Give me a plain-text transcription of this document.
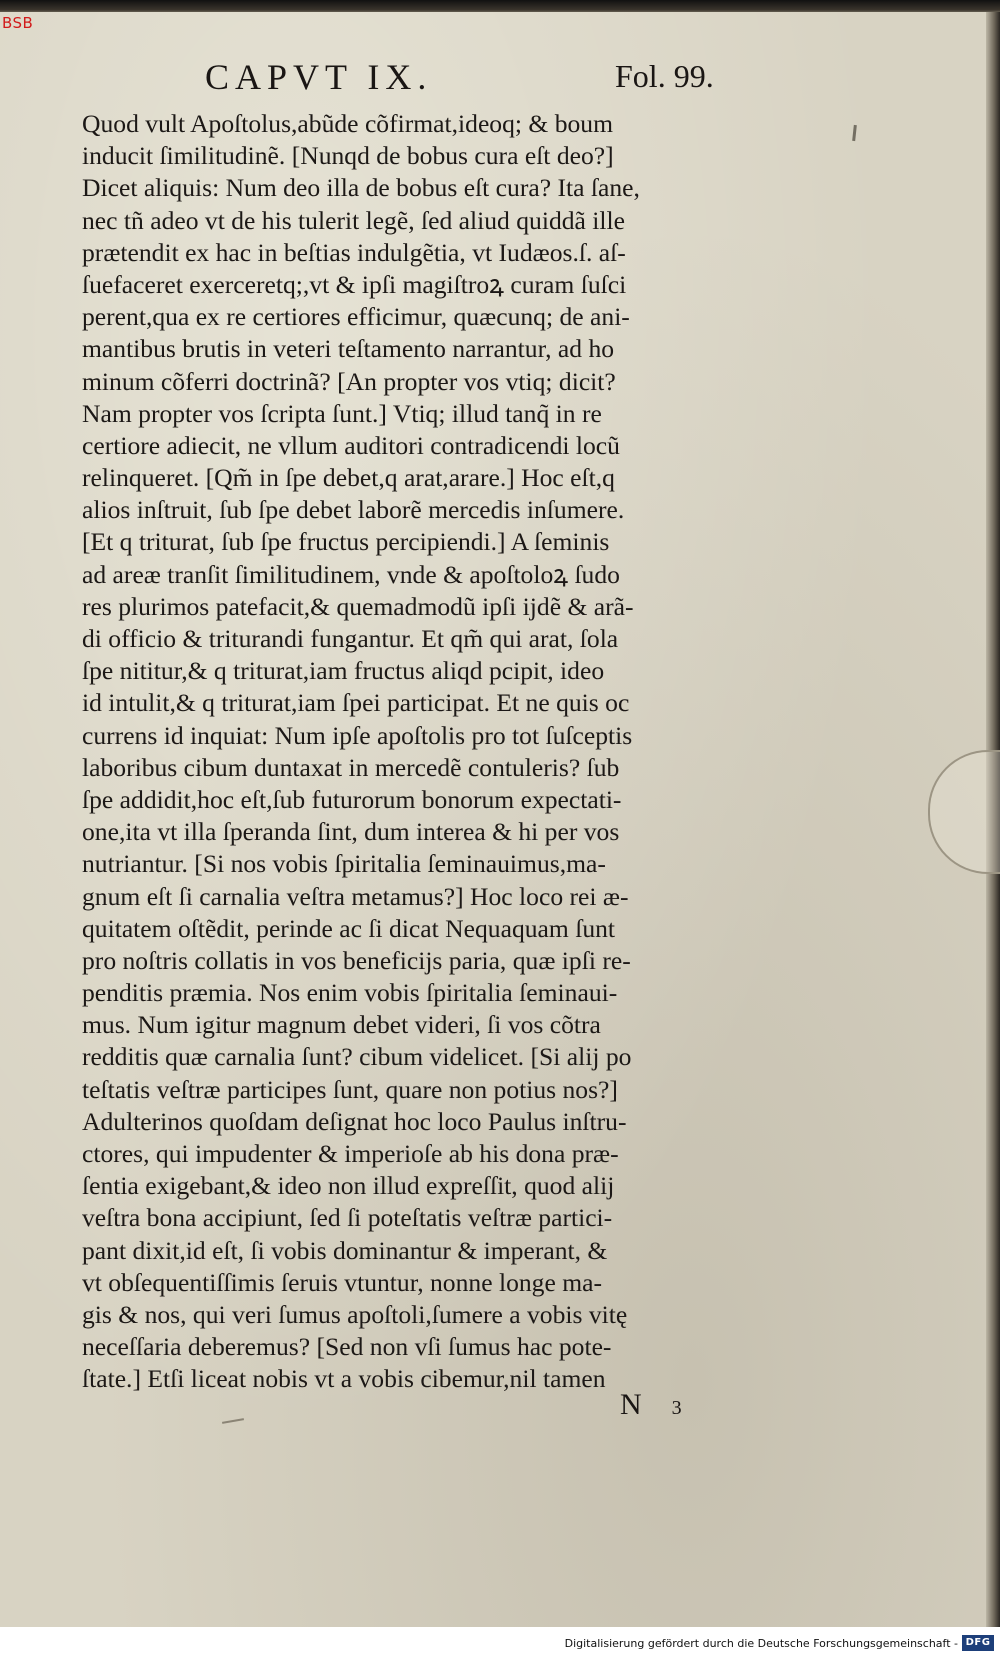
BSB
CAPVT IX.	Fol. 99.
Quod vult Apoſtolus,abũde cõfirmat,ideoq; & boum
inducit ſimilitudinẽ. [Nunqd de bobus cura eſt deo?]
Dicet aliquis: Num deo illa de bobus eſt cura? Ita ſane,
nec tñ adeo vt de his tulerit legẽ, ſed aliud quiddã ille
prætendit ex hac in beſtias indulgẽtia, vt Iudæos.ſ. aſ-
ſuefaceret exerceretq;,vt & ipſi magiſtroꝝ curam ſuſci
perent,qua ex re certiores efficimur, quæcunq; de ani-
mantibus brutis in veteri teſtamento narrantur, ad ho
minum cõferri doctrinã? [An propter vos vtiq; dicit?
Nam propter vos ſcripta ſunt.] Vtiq; illud tanq̃ in re
certiore adiecit, ne vllum auditori contradicendi locũ
relinqueret. [Qm̃ in ſpe debet,q arat,arare.] Hoc eſt,q
alios inſtruit, ſub ſpe debet laborẽ mercedis inſumere.
[Et q triturat, ſub ſpe fructus percipiendi.] A ſeminis
ad areæ tranſit ſimilitudinem, vnde & apoſtoloꝝ ſudo
res plurimos patefacit,& quemadmodũ ipſi ijdẽ & arã-
di officio & triturandi fungantur. Et qm̃ qui arat, ſola
ſpe nititur,& q triturat,iam fructus aliqd pcipit, ideo
id intulit,& q triturat,iam ſpei participat. Et ne quis oc
currens id inquiat: Num ipſe apoſtolis pro tot ſuſceptis
laboribus cibum duntaxat in mercedẽ contuleris? ſub
ſpe addidit,hoc eſt,ſub futurorum bonorum expectati-
one,ita vt illa ſperanda ſint, dum interea & hi per vos
nutriantur. [Si nos vobis ſpiritalia ſeminauimus,ma-
gnum eſt ſi carnalia veſtra metamus?] Hoc loco rei æ-
quitatem oſtẽdit, perinde ac ſi dicat Nequaquam ſunt
pro noſtris collatis in vos beneficijs paria, quæ ipſi re-
penditis præmia. Nos enim vobis ſpiritalia ſeminaui-
mus. Num igitur magnum debet videri, ſi vos cõtra
redditis quæ carnalia ſunt? cibum videlicet. [Si alij po
teſtatis veſtræ participes ſunt, quare non potius nos?]
Adulterinos quoſdam deſignat hoc loco Paulus inſtru-
ctores, qui impudenter & imperioſe ab his dona præ-
ſentia exigebant,& ideo non illud expreſſit, quod alij
veſtra bona accipiunt, ſed ſi poteſtatis veſtræ partici-
pant dixit,id eſt, ſi vobis dominantur & imperant, &
vt obſequentiſſimis ſeruis vtuntur, nonne longe ma-
gis & nos, qui veri ſumus apoſtoli,ſumere a vobis vitę
neceſſaria deberemus? [Sed non vſi ſumus hac pote-
ſtate.] Etſi liceat nobis vt a vobis cibemur,nil tamen
N 3
Digitalisierung gefördert durch die Deutsche Forschungsgemeinschaft - DFG
